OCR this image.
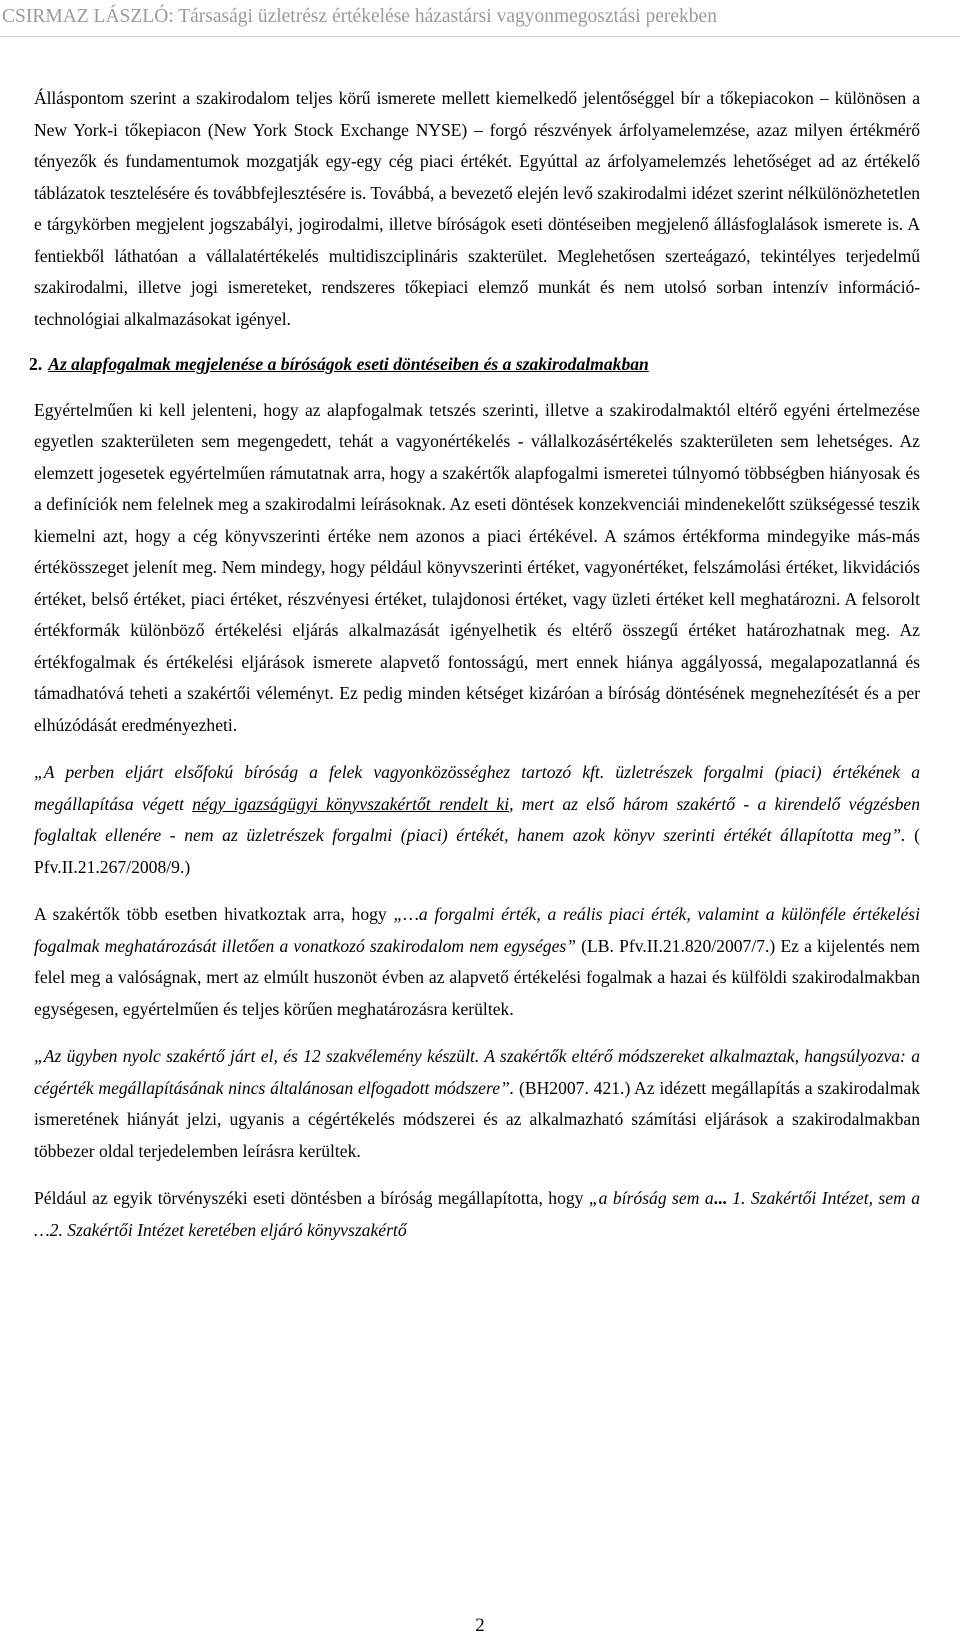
CSIRMAZ LÁSZLÓ: Társasági üzletrész értékelése házastársi vagyonmegosztási perekben

Álláspontom szerint a szakirodalom teljes körű ismerete mellett kiemelkedő jelentőséggel bír a tőkepiacokon – különösen a New York-i tőkepiacon (New York Stock Exchange NYSE) – forgó részvények árfolyamelemzése, azaz milyen értékmérő tényezők és fundamentumok mozgatják egy-egy cég piaci értékét. Egyúttal az árfolyamelemzés lehetőséget ad az értékelő táblázatok tesztelésére és továbbfejlesztésére is. Továbbá, a bevezető elején levő szakirodalmi idézet szerint nélkülönözhetetlen e tárgykörben megjelent jogszabályi, jogirodalmi, illetve bíróságok eseti döntéseiben megjelenő állásfoglalások ismerete is. A fentiekből láthatóan a vállalatértékelés multidiszciplináris szakterület. Meglehetősen szerteágazó, tekintélyes terjedelmű szakirodalmi, illetve jogi ismereteket, rendszeres tőkepiaci elemző munkát és nem utolsó sorban intenzív információ-technológiai alkalmazásokat igényel.

2. Az alapfogalmak megjelenése a bíróságok eseti döntéseiben és a szakirodalmakban

Egyértelműen ki kell jelenteni, hogy az alapfogalmak tetszés szerinti, illetve a szakirodalmaktól eltérő egyéni értelmezése egyetlen szakterületen sem megengedett, tehát a vagyonértékelés - vállalkozásértékelés szakterületen sem lehetséges. Az elemzett jogesetek egyértelműen rámutatnak arra, hogy a szakértők alapfogalmi ismeretei túlnyomó többségben hiányosak és a definíciók nem felelnek meg a szakirodalmi leírásoknak. Az eseti döntések konzekvenciái mindenekelőtt szükségessé teszik kiemelni azt, hogy a cég könyvszerinti értéke nem azonos a piaci értékével. A számos értékforma mindegyike más-más értékösszeget jelenít meg. Nem mindegy, hogy például könyvszerinti értéket, vagyonértéket, felszámolási értéket, likvidációs értéket, belső értéket, piaci értéket, részvényesi értéket, tulajdonosi értéket, vagy üzleti értéket kell meghatározni. A felsorolt értékformák különböző értékelési eljárás alkalmazását igényelhetik és eltérő összegű értéket határozhatnak meg. Az értékfogalmak és értékelési eljárások ismerete alapvető fontosságú, mert ennek hiánya aggályossá, megalapozatlanná és támadhatóvá teheti a szakértői véleményt. Ez pedig minden kétséget kizáróan a bíróság döntésének megnehezítését és a per elhúzódását eredményezheti.

„A perben eljárt elsőfokú bíróság a felek vagyonközösséghez tartozó kft. üzletrészek forgalmi (piaci) értékének a megállapítása végett négy igazságügyi könyvszakértőt rendelt ki, mert az első három szakértő - a kirendelő végzésben foglaltak ellenére - nem az üzletrészek forgalmi (piaci) értékét, hanem azok könyv szerinti értékét állapította meg”. ( Pfv.II.21.267/2008/9.)

A szakértők több esetben hivatkoztak arra, hogy „…a forgalmi érték, a reális piaci érték, valamint a különféle értékelési fogalmak meghatározását illetően a vonatkozó szakirodalom nem egységes” (LB. Pfv.II.21.820/2007/7.) Ez a kijelentés nem felel meg a valóságnak, mert az elmúlt huszonöt évben az alapvető értékelési fogalmak a hazai és külföldi szakirodalmakban egységesen, egyértelműen és teljes körűen meghatározásra kerültek.

„Az ügyben nyolc szakértő járt el, és 12 szakvélemény készült. A szakértők eltérő módszereket alkalmaztak, hangsúlyozva: a cégérték megállapításának nincs általánosan elfogadott módszere”. (BH2007. 421.) Az idézett megállapítás a szakirodalmak ismeretének hiányát jelzi, ugyanis a cégértékelés módszerei és az alkalmazható számítási eljárások a szakirodalmakban többezer oldal terjedelemben leírásra kerültek.

Például az egyik törvényszéki eseti döntésben a bíróság megállapította, hogy „a bíróság sem a... 1. Szakértői Intézet, sem a …2. Szakértői Intézet keretében eljáró könyvszakértő

2
